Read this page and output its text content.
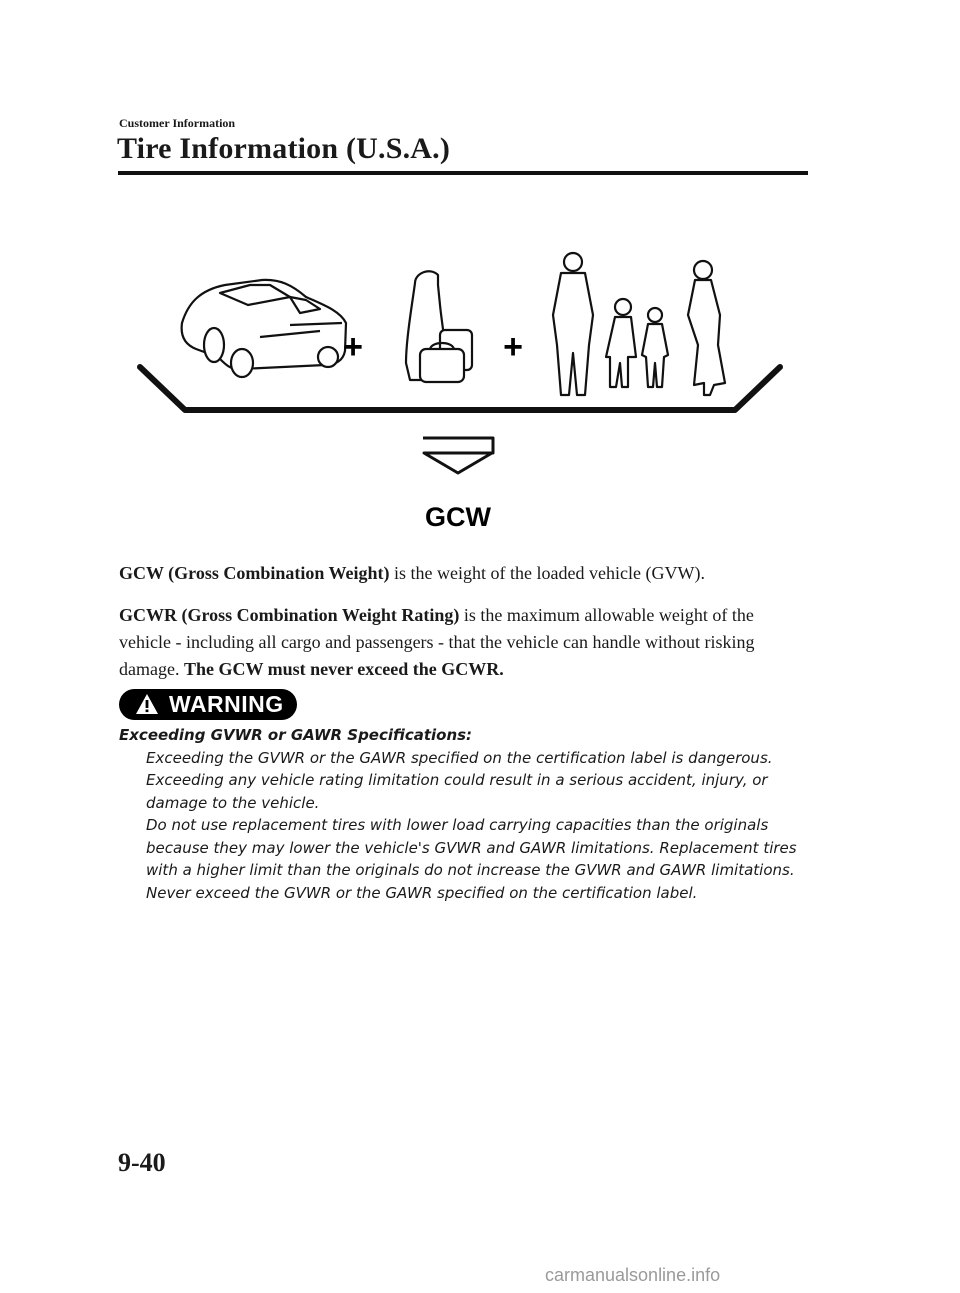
Customer Information
Tire Information (U.S.A.)
+	+
GCW
GCW (Gross Combination Weight) is the weight of the loaded vehicle (GVW).
GCWR (Gross Combination Weight Rating) is the maximum allowable weight of the vehicle - including all cargo and passengers - that the vehicle can handle without risking damage. The GCW must never exceed the GCWR.
WARNING
Exceeding GVWR or GAWR Specifications:

Exceeding the GVWR or the GAWR specified on the certification label is dangerous.

Exceeding any vehicle rating limitation could result in a serious accident, injury, or damage to the vehicle.

Do not use replacement tires with lower load carrying capacities than the originals because they may lower the vehicle's GVWR and GAWR limitations. Replacement tires with a higher limit than the originals do not increase the GVWR and GAWR limitations.

Never exceed the GVWR or the GAWR specified on the certification label.

9-40
carmanualsonline.info
